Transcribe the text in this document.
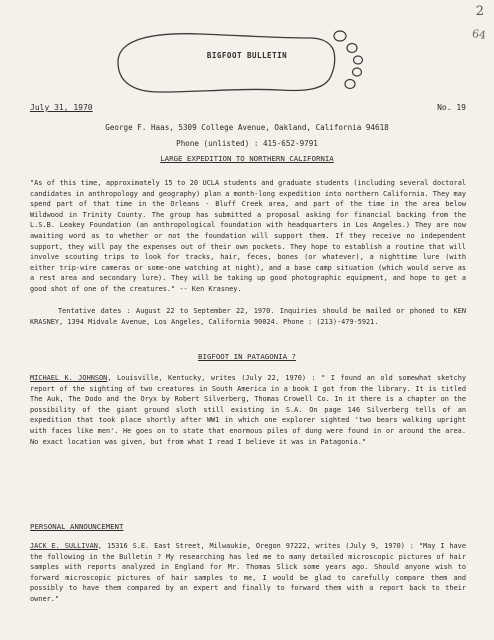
2
64
BIGFOOT BULLETIN
July 31, 1970	No. 19
George F. Haas, 5309 College Avenue, Oakland, California 94618
Phone (unlisted) : 415-652-9791
LARGE EXPEDITION TO NORTHERN CALIFORNIA

"As of this time, approximately 15 to 20 UCLA students and graduate students (including several doctoral candidates in anthropology and geography) plan a month-long expedition into northern California. They may spend part of that time in the Orleans - Bluff Creek area, and part of the time in the area below Wildwood in Trinity County. The group has submitted a proposal asking for financial backing from the L.S.B. Leakey Foundation (an anthropological foundation with headquarters in Los Angeles.) They are now awaiting word as to whether or not the foundation will support them. If they receive no independent support, they will pay the expenses out of their own pockets. They hope to establish a routine that will involve scouting trips to look for tracks, hair, feces, bones (or whatever), a nighttime lure (with either trip-wire cameras or some-one watching at night), and a base camp situation (which would serve as a rest area and secondary lure). They will be taking up good photographic equipment, and hope to get a good shot of one of the creatures." -- Ken Krasney.

Tentative dates : August 22 to September 22, 1970. Inquiries should be mailed or phoned to KEN KRASNEY, 1394 Midvale Avenue, Los Angeles, California 90024. Phone : (213)-479-5921.

BIGFOOT IN PATAGONIA ?

MICHAEL K. JOHNSON, Louisville, Kentucky, writes (July 22, 1970) : " I found an old somewhat sketchy report of the sighting of two creatures in South America in a book I got from the library. It is titled The Auk, The Dodo and the Oryx by Robert Silverberg, Thomas Crowell Co. In it there is a chapter on the possibility of the giant ground sloth still existing in S.A. On page 146 Silverberg tells of an expedition that took place shortly after WW1 in which one explorer sighted 'two bears walking upright with faces like men'. He goes on to state that enormous piles of dung were found in or around the area. No exact location was given, but from what I read I believe it was in Patagonia."

PERSONAL ANNOUNCEMENT

JACK E. SULLIVAN, 15316 S.E. East Street, Milwaukie, Oregon 97222, writes (July 9, 1970) : "May I have the following in the Bulletin ? My researching has led me to many detailed microscopic pictures of hair samples with reports analyzed in England for Mr. Thomas Slick some years ago. Should anyone wish to forward microscopic pictures of hair samples to me, I would be glad to carefully compare them and possibly to have them compared by an expert and finally to forward them with a report back to their owner."
